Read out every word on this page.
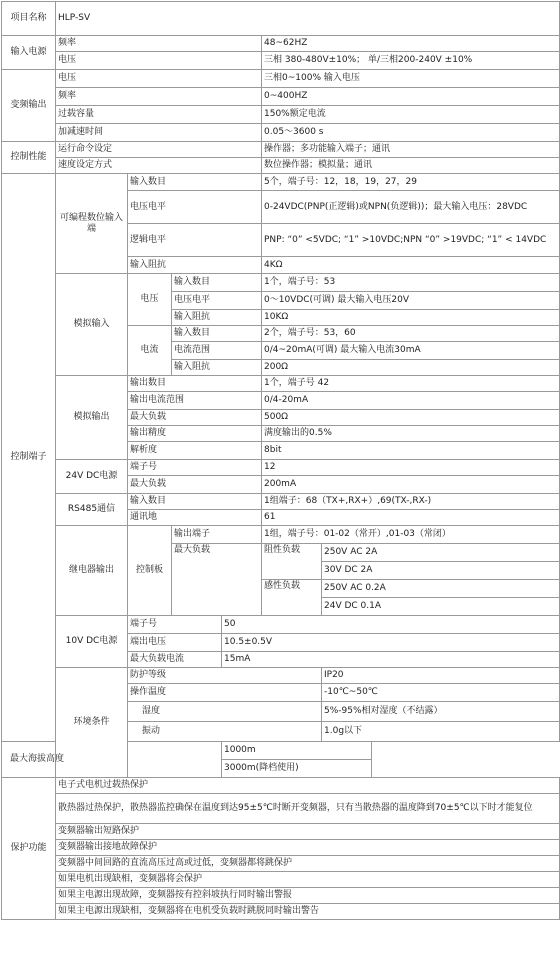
项目名称	HLP-SV					
输入电源	频率				48~62HZ	
	电压				三相 380-480V±10%； 单/三相200-240V ±10%	
变频输出	电压				三相0~100% 输入电压	
	频率				0~400HZ	
	过载容量				150%额定电流	
	加减速时间				0.05～3600 s	
控制性能	运行命令设定				操作器；多功能输入端子；通讯	
	速度设定方式				数位操作器；模拟量；通讯	
控制端子	可编程数位输入端	输入数目			5个，端子号：12，18，19，27，29	
		电压电平			0-24VDC(PNP(正逻辑)或NPN(负逻辑))；最大输入电压：28VDC	
		逻辑电平			PNP: “0” <5VDC; “1” >10VDC;NPN “0” >19VDC; “1” < 14VDC	
		输入阻抗			4KΩ	
	模拟输入	电压	输入数目		1个，端子号：53	
			电压电平		0～10VDC(可调) 最大输入电压20V	
			输入阻抗		10KΩ	
		电流	输入数目		2个，端子号：53，60	
			电流范围		0/4~20mA(可调) 最大输入电流30mA	
			输入阻抗		200Ω	
	模拟输出	输出数目			1个，端子号 42	
		输出电流范围			0/4-20mA	
		最大负载			500Ω	
		输出精度			满度输出的0.5%	
		解析度			8bit	
	24V DC电源	端子号			12	
		最大负载			200mA	
	RS485通信	输入数目			1组端子：68（TX+,RX+）,69(TX-,RX-)	
		通讯地			61	
	继电器输出	控制板	输出端子		1组，端子号：01-02（常开）,01-03（常闭）	
			最大负载		阻性负载	250V AC 2A
						30V DC 2A
					感性负载	250V AC 0.2A
						24V DC 0.1A
	10V DC电源	端子号		50		
		端出电压		10.5±0.5V		
		最大负载电流		15mA		
	环境条件	防护等级				IP20
		操作温度				-10℃~50℃
		湿度				5%-95%相对湿度（不结露）
		振动				1.0g以下
最大海拔高度				1000m		
				3000m(降档使用)		
保护功能	电子式电机过载热保护					
	散热器过热保护，散热器监控确保在温度到达95±5℃时断开变频器，只有当散热器的温度降到70±5℃以下时才能复位					
	变频器输出短路保护					
	变频器输出接地故障保护					
	变频器中间回路的直流高压过高或过低，变频器都将跳保护					
	如果电机出现缺相，变频器将会保护					
	如果主电源出现故障，变频器按有控斜坡执行同时输出警报					
	如果主电源出现缺相，变频器将在电机受负载时跳脱同时输出警告					
